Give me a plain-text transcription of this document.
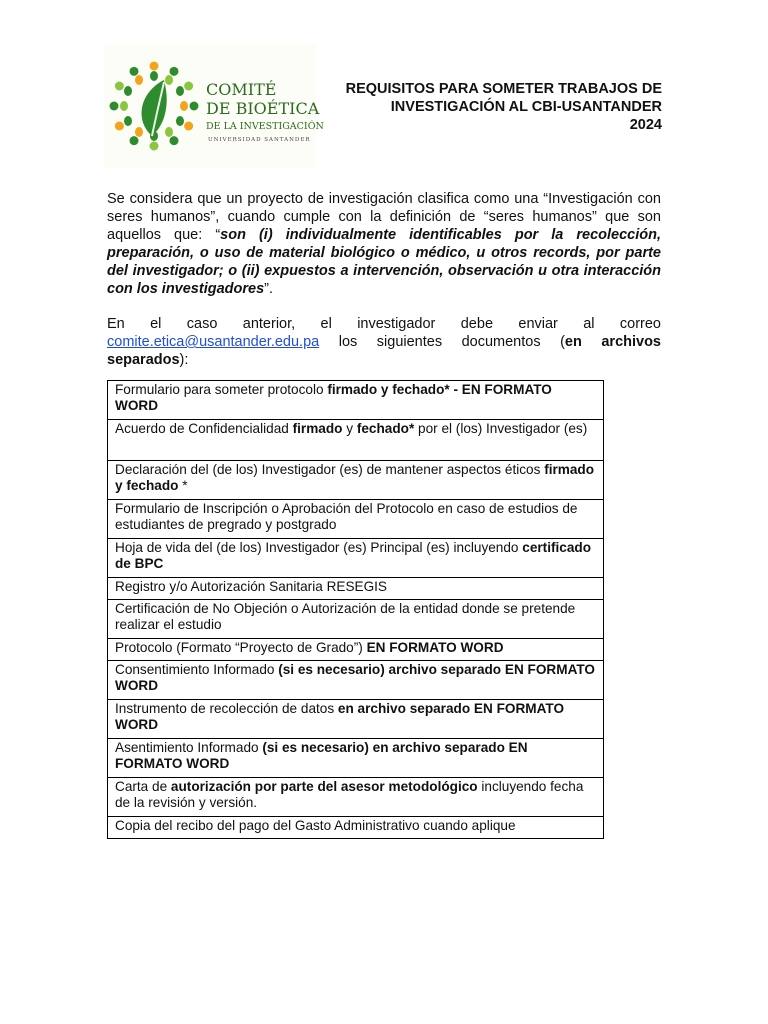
COMITÉ
DE BIOÉTICA
DE LA INVESTIGACIÓN
UNIVERSIDAD SANTANDER
REQUISITOS PARA SOMETER TRABAJOS DE
INVESTIGACIÓN AL CBI-USANTANDER
2024
Se considera que un proyecto de investigación clasifica como una “Investigación con seres humanos”, cuando cumple con la definición de “seres humanos” que son aquellos que: “son (i) individualmente identificables por la recolección, preparación, o uso de material biológico o médico, u otros records, por parte del investigador; o (ii) expuestos a intervención, observación u otra interacción con los investigadores”.
En el caso anterior, el investigador debe enviar al correo comite.etica@usantander.edu.pa los siguientes documentos (en archivos separados):
Formulario para someter protocolo firmado y fechado* - EN FORMATO WORD
Acuerdo de Confidencialidad firmado y fechado* por el (los) Investigador (es)
Declaración del (de los) Investigador (es) de mantener aspectos éticos firmado y fechado *
Formulario de Inscripción o Aprobación del Protocolo en caso de estudios de estudiantes de pregrado y postgrado
Hoja de vida del (de los) Investigador (es) Principal (es) incluyendo certificado de BPC
Registro y/o Autorización Sanitaria RESEGIS
Certificación de No Objeción o Autorización de la entidad donde se pretende realizar el estudio
Protocolo (Formato “Proyecto de Grado”) EN FORMATO WORD
Consentimiento Informado (si es necesario) archivo separado EN FORMATO WORD
Instrumento de recolección de datos en archivo separado EN FORMATO WORD
Asentimiento Informado (si es necesario) en archivo separado EN FORMATO WORD
Carta de autorización por parte del asesor metodológico incluyendo fecha de la revisión y versión.
Copia del recibo del pago del Gasto Administrativo cuando aplique
